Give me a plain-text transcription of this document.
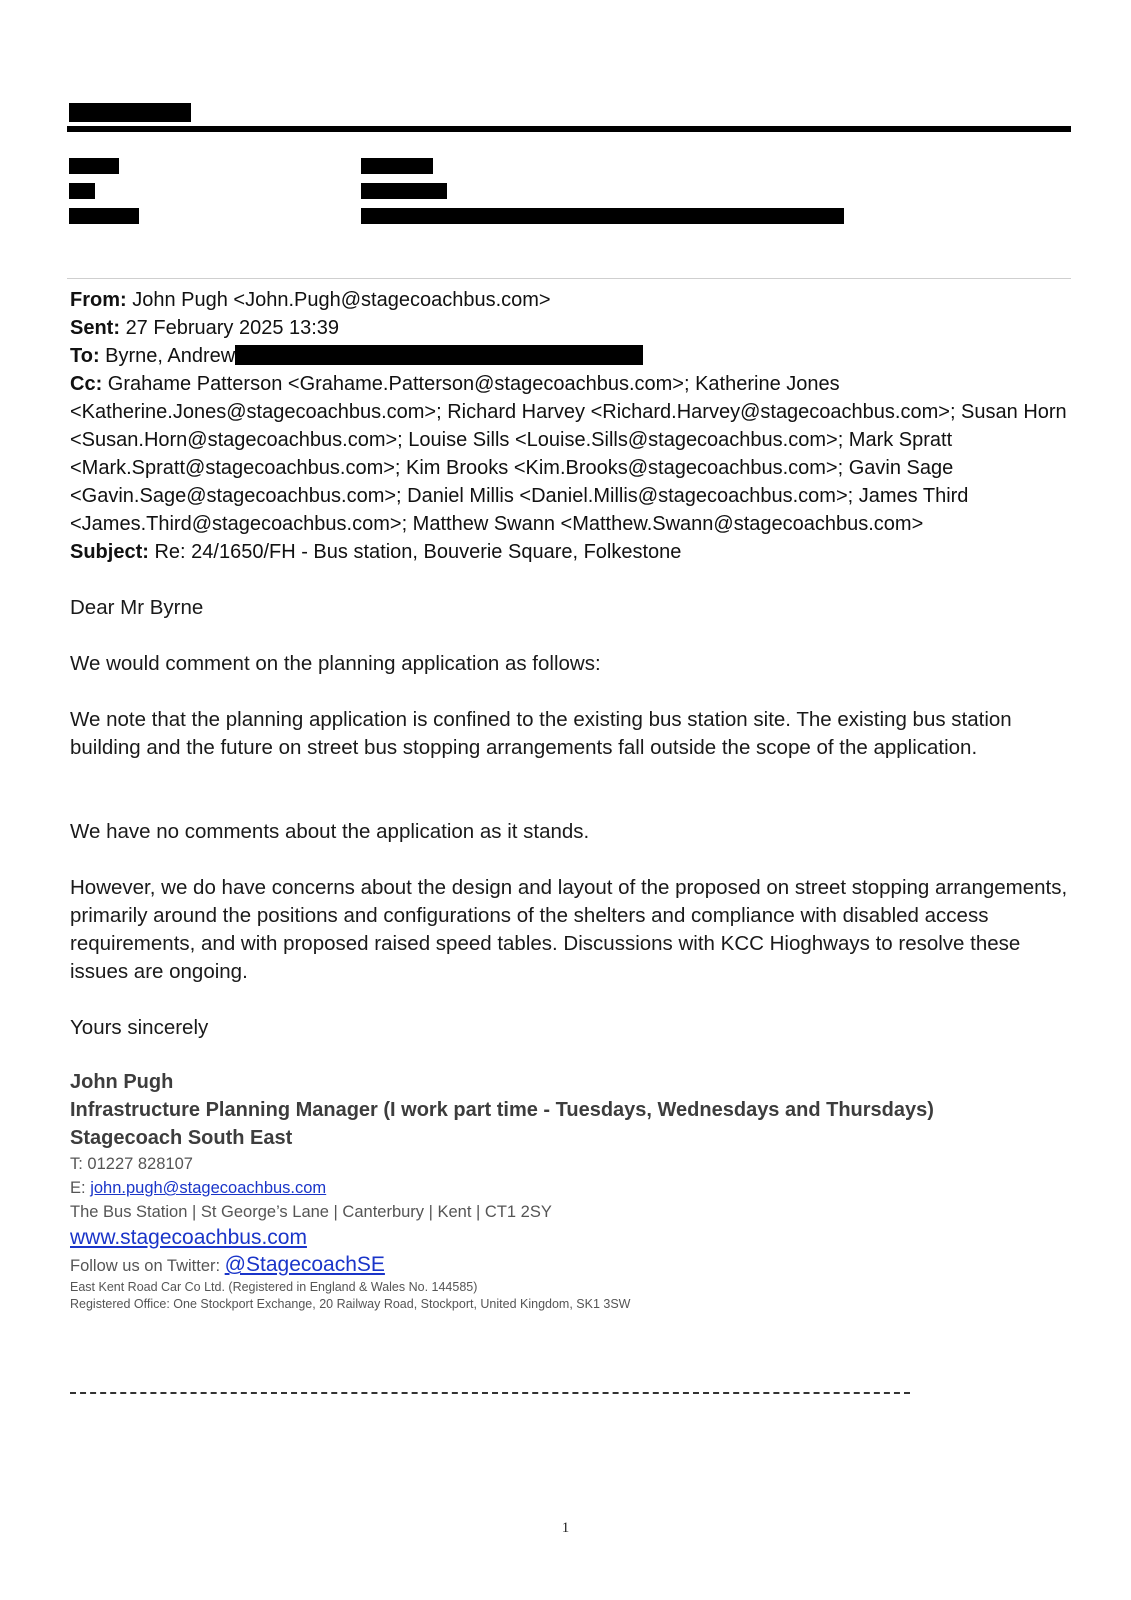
From: John Pugh <John.Pugh@stagecoachbus.com>
Sent: 27 February 2025 13:39
To: Byrne, Andrew
Cc: Grahame Patterson <Grahame.Patterson@stagecoachbus.com>; Katherine Jones <Katherine.Jones@stagecoachbus.com>; Richard Harvey <Richard.Harvey@stagecoachbus.com>; Susan Horn <Susan.Horn@stagecoachbus.com>; Louise Sills <Louise.Sills@stagecoachbus.com>; Mark Spratt <Mark.Spratt@stagecoachbus.com>; Kim Brooks <Kim.Brooks@stagecoachbus.com>; Gavin Sage <Gavin.Sage@stagecoachbus.com>; Daniel Millis <Daniel.Millis@stagecoachbus.com>; James Third <James.Third@stagecoachbus.com>; Matthew Swann <Matthew.Swann@stagecoachbus.com>
Subject: Re: 24/1650/FH - Bus station, Bouverie Square, Folkestone
Dear Mr Byrne
We would comment on the planning application as follows:
We note that the planning application is confined to the existing bus station site. The existing bus station building and the future on street bus stopping arrangements fall outside the scope of the application.
We have no comments about the application as it stands.
However, we do have concerns about the design and layout of the proposed on street stopping arrangements, primarily around the positions and configurations of the shelters and compliance with disabled access requirements, and with proposed raised speed tables. Discussions with KCC Hioghways to resolve these issues are ongoing.
Yours sincerely
John Pugh
Infrastructure Planning Manager (I work part time - Tuesdays, Wednesdays and Thursdays)
Stagecoach South East
T: 01227 828107
E: john.pugh@stagecoachbus.com
The Bus Station | St George’s Lane | Canterbury | Kent | CT1 2SY
www.stagecoachbus.com
Follow us on Twitter: @StagecoachSE
East Kent Road Car Co Ltd. (Registered in England & Wales No. 144585)
Registered Office: One Stockport Exchange, 20 Railway Road, Stockport, United Kingdom, SK1 3SW
1
